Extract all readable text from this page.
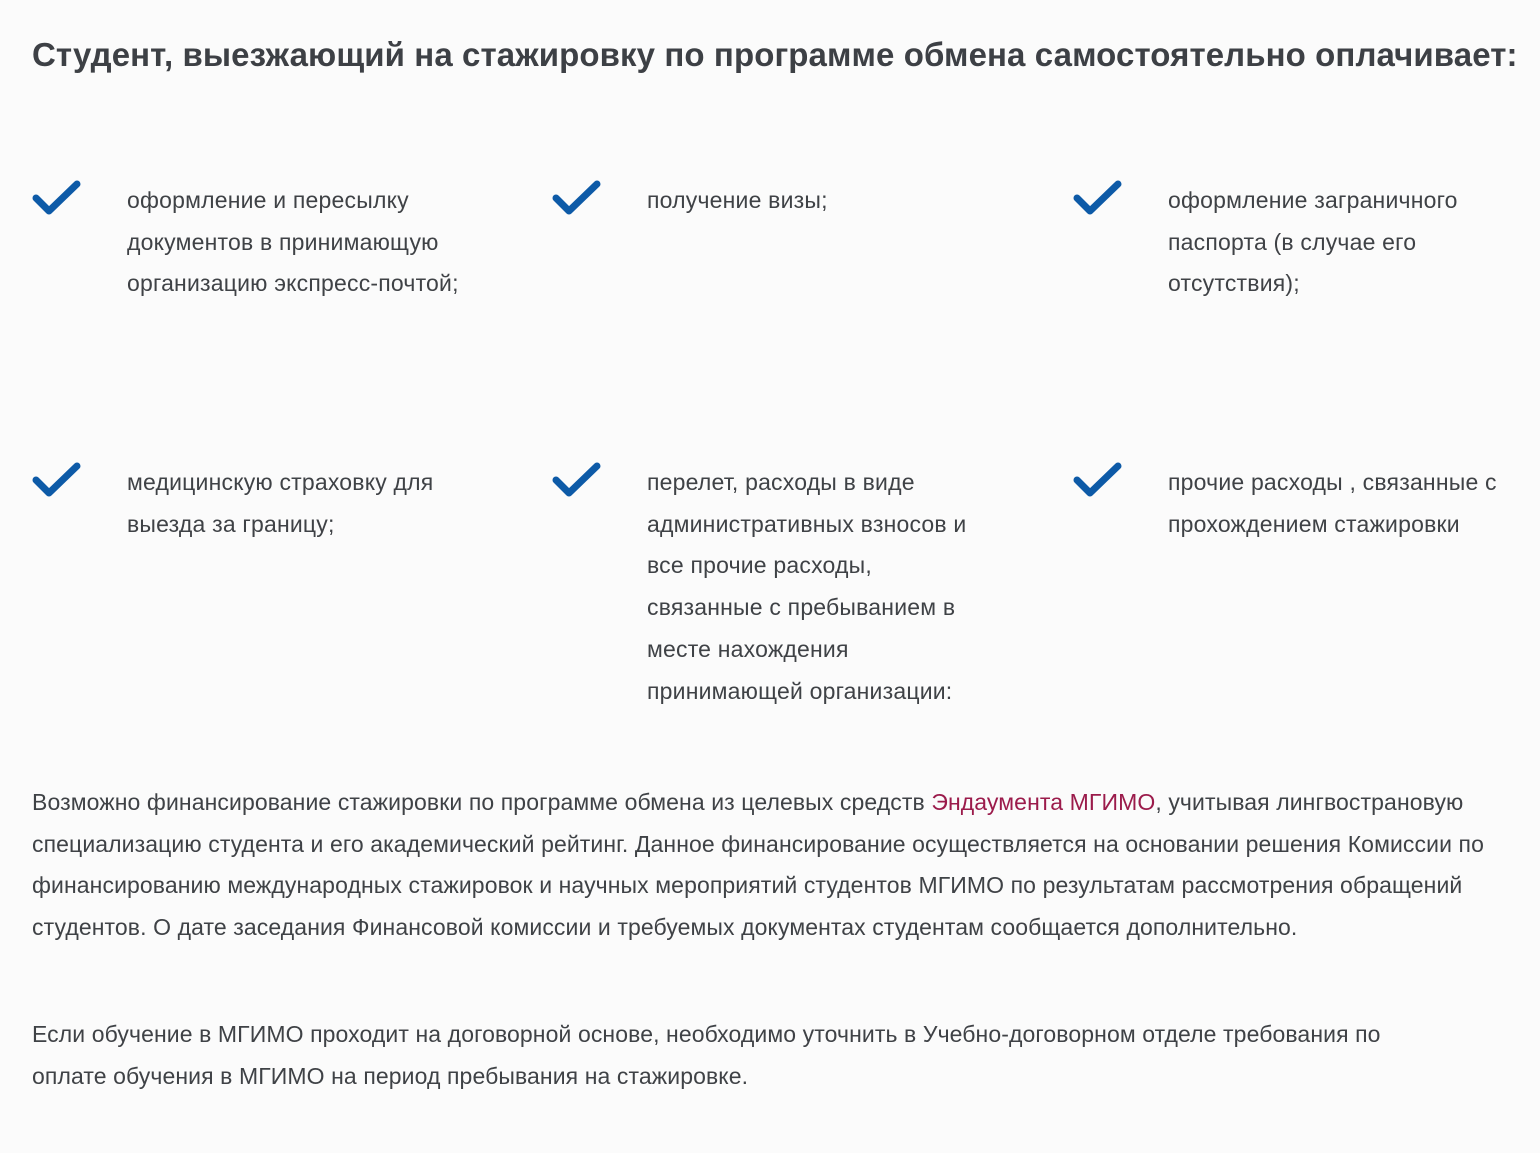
Студент, выезжающий на стажировку по программе обмена самостоятельно оплачивает:
оформление и пересылку документов в принимающую организацию экспресс-почтой;
получение визы;	оформление заграничного паспорта (в случае его отсутствия);
медицинскую страховку для выезда за границу;
перелет, расходы в виде административных взносов и все прочие расходы, связанные с пребыванием в месте нахождения принимающей организации:
прочие расходы , связанные с прохождением стажировки

Возможно финансирование стажировки по программе обмена из целевых средств Эндаумента МГИМО, учитывая лингвострановую специализацию студента и его академический рейтинг. Данное финансирование осуществляется на основании решения Комиссии по финансированию международных стажировок и научных мероприятий студентов МГИМО по результатам рассмотрения обращений студентов. О дате заседания Финансовой комиссии и требуемых документах студентам сообщается дополнительно.

Если обучение в МГИМО проходит на договорной основе, необходимо уточнить в Учебно-договорном отделе требования по оплате обучения в МГИМО на период пребывания на стажировке.
